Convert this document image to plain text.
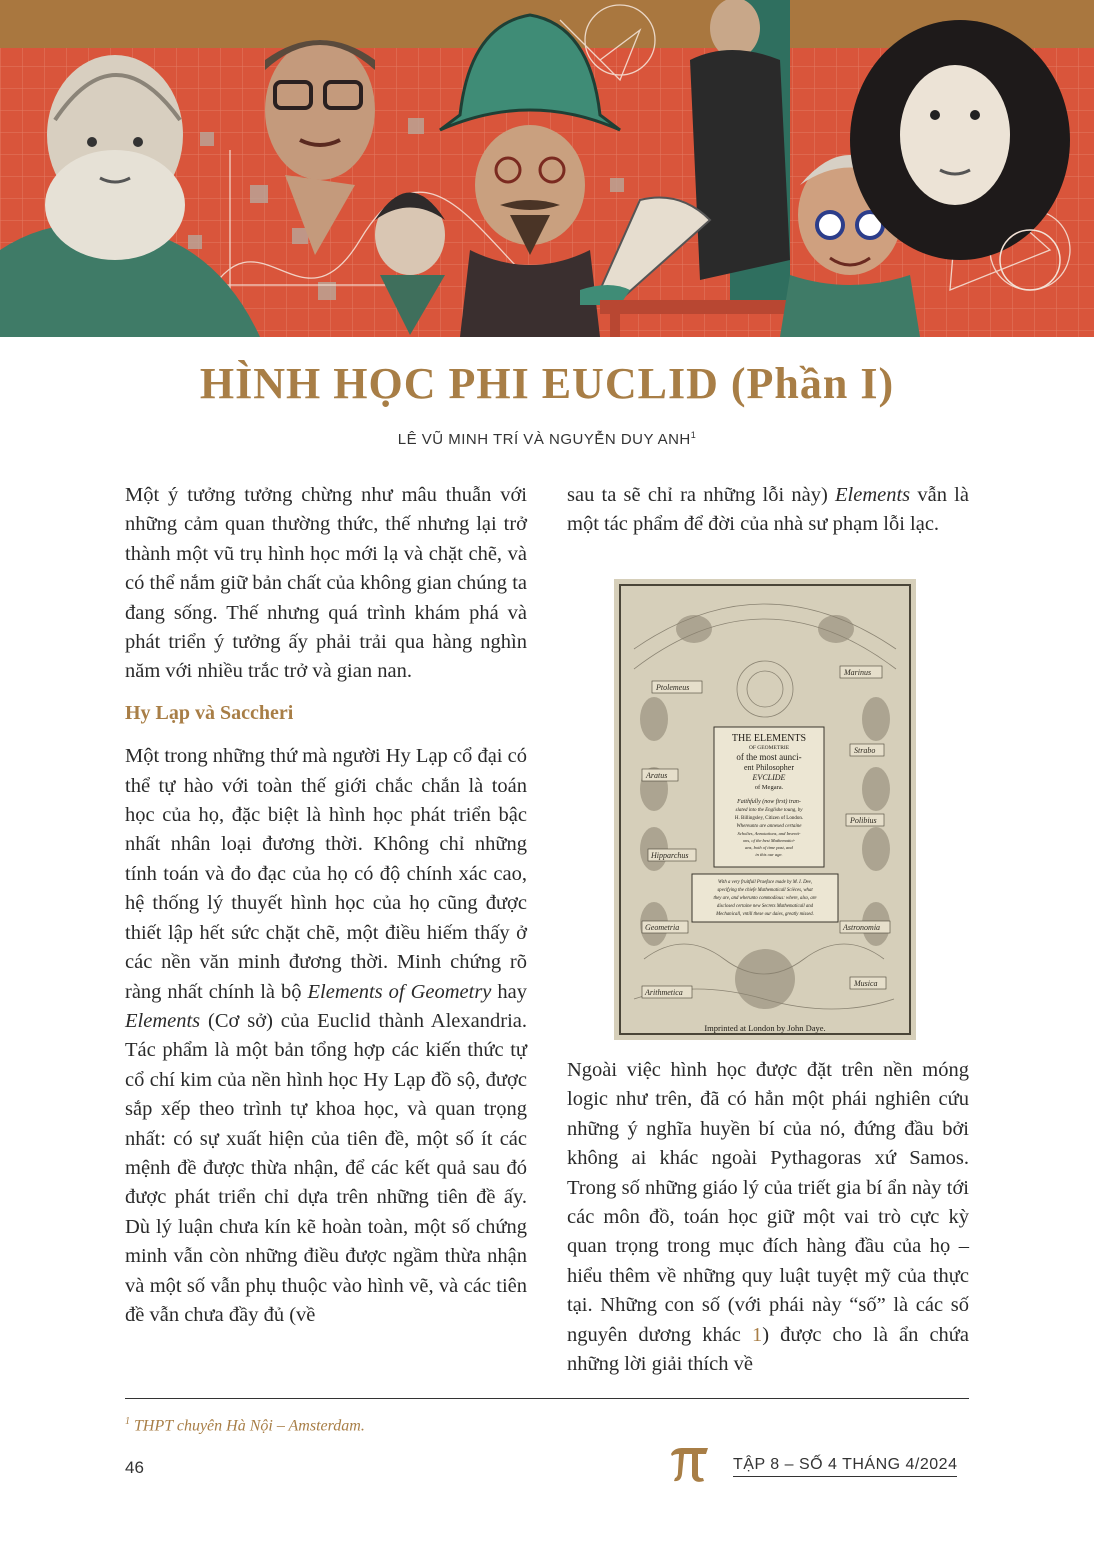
HÌNH HỌC PHI EUCLID (Phần I)
LÊ VŨ MINH TRÍ VÀ NGUYỄN DUY ANH$^1$

Một ý tưởng tưởng chừng như mâu thuẫn với những cảm quan thường thức, thế nhưng lại trở thành một vũ trụ hình học mới lạ và chặt chẽ, và có thể nắm giữ bản chất của không gian chúng ta đang sống. Thế nhưng quá trình khám phá và phát triển ý tưởng ấy phải trải qua hàng nghìn năm với nhiều trắc trở và gian nan.

Hy Lạp và Saccheri

Một trong những thứ mà người Hy Lạp cổ đại có thể tự hào với toàn thế giới chắc chắn là toán học của họ, đặc biệt là hình học phát triển bậc nhất nhân loại đương thời. Không chỉ những tính toán và đo đạc của họ có độ chính xác cao, hệ thống lý thuyết hình học của họ cũng được thiết lập hết sức chặt chẽ, một điều hiếm thấy ở các nền văn minh đương thời. Minh chứng rõ ràng nhất chính là bộ Elements of Geometry hay Elements (Cơ sở) của Euclid thành Alexandria. Tác phẩm là một bản tổng hợp các kiến thức tự cổ chí kim của nền hình học Hy Lạp đồ sộ, được sắp xếp theo trình tự khoa học, và quan trọng nhất: có sự xuất hiện của tiên đề, một số ít các mệnh đề được thừa nhận, để các kết quả sau đó được phát triển chỉ dựa trên những tiên đề ấy. Dù lý luận chưa kín kẽ hoàn toàn, một số chứng minh vẫn còn những điều được ngầm thừa nhận và một số vẫn phụ thuộc vào hình vẽ, và các tiên đề vẫn chưa đầy đủ (về

sau ta sẽ chỉ ra những lỗi này) Elements vẫn là một tác phẩm để đời của nhà sư phạm lỗi lạc.

Ptolemeus
Marinus
Aratus
Strabo
Hipparchus
Polibius
Geometria	Astronomia
Arithmetica
Musica
THE ELEMENTS
OF GEOMETRIE
of the most aunci-
ent Philosopher
EVCLIDE
of Megara.
Faithfully (now first) tran-
slated into the Englishe toung, by
H. Billingsley, Citizen of London.
Whereunto are annexed certaine
Scholies, Annotations, and Inventi-
ons, of the best Mathematici-
ans, both of time past, and
in this our age.
With a very fruitfull Praeface made by M. I. Dee,
specifying the chiefe Mathematicall Scièces, what
they are, and wherunto commodious: where, also, are
disclosed certaine new Secrets Mathematicall and
Mechanicall, vntill these our daies, greatly missed.
Imprinted at London by John Daye.

Ngoài việc hình học được đặt trên nền móng logic như trên, đã có hẳn một phái nghiên cứu những ý nghĩa huyền bí của nó, đứng đầu bởi không ai khác ngoài Pythagoras xứ Samos. Trong số những giáo lý của triết gia bí ẩn này tới các môn đồ, toán học giữ một vai trò cực kỳ quan trọng trong mục đích hàng đầu của họ – hiểu thêm về những quy luật tuyệt mỹ của thực tại. Những con số (với phái này “số” là các số nguyên dương khác 1) được cho là ẩn chứa những lời giải thích về

$^1$ THPT chuyên Hà Nội – Amsterdam.
46	TẬP 8 – SỐ 4 THÁNG 4/2024
